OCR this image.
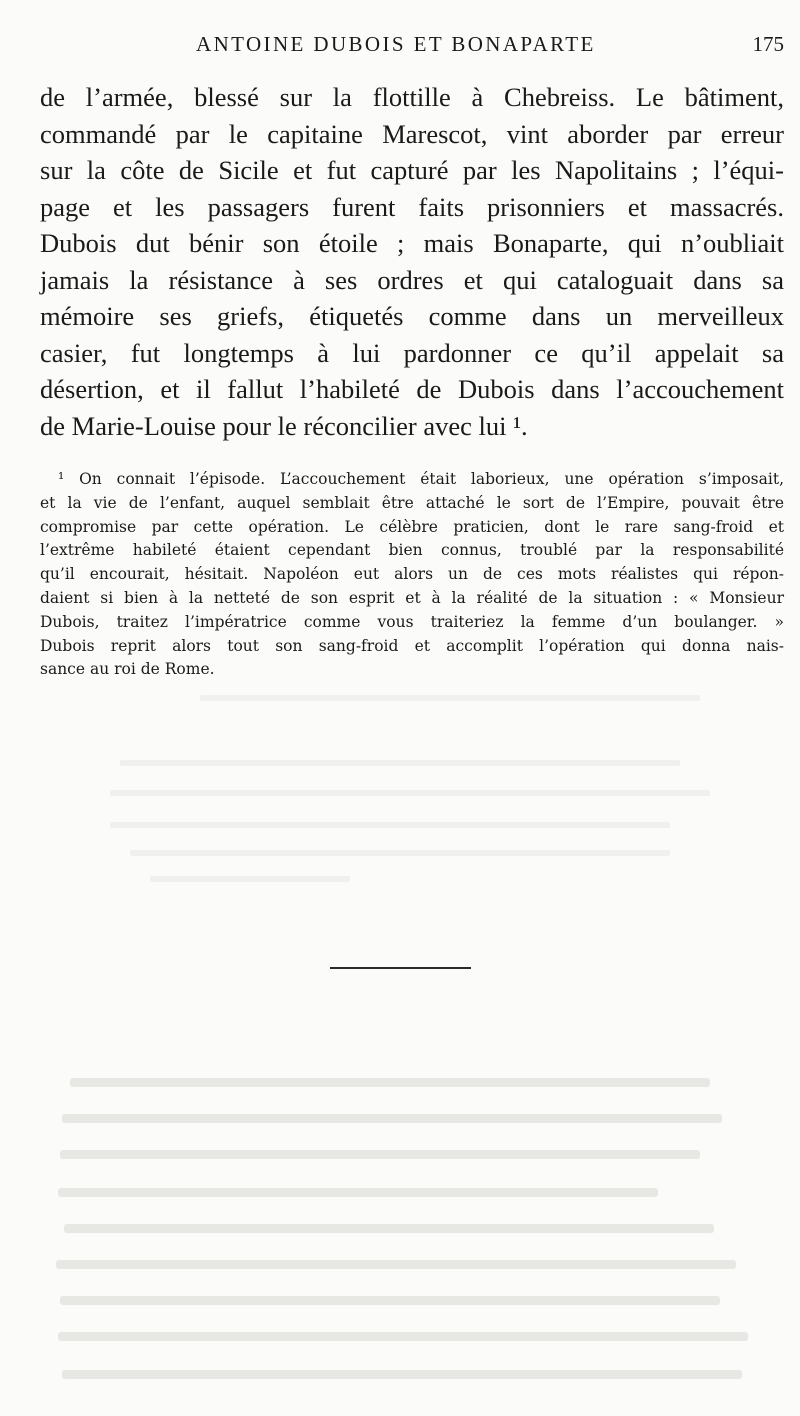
ANTOINE DUBOIS ET BONAPARTE	175
de l’armée, blessé sur la flottille à Chebreiss. Le bâtiment,
commandé par le capitaine Marescot, vint aborder par erreur
sur la côte de Sicile et fut capturé par les Napolitains ; l’équi-
page et les passagers furent faits prisonniers et massacrés.
Dubois dut bénir son étoile ; mais Bonaparte, qui n’oubliait
jamais la résistance à ses ordres et qui cataloguait dans sa
mémoire ses griefs, étiquetés comme dans un merveilleux
casier, fut longtemps à lui pardonner ce qu’il appelait sa
désertion, et il fallut l’habileté de Dubois dans l’accouchement
de Marie-Louise pour le réconcilier avec lui ¹.
¹ On connait l’épisode. L’accouchement était laborieux, une opération s’imposait,
et la vie de l’enfant, auquel semblait être attaché le sort de l’Empire, pouvait être
compromise par cette opération. Le célèbre praticien, dont le rare sang-froid et
l’extrême habileté étaient cependant bien connus, troublé par la responsabilité
qu’il encourait, hésitait. Napoléon eut alors un de ces mots réalistes qui répon-
daient si bien à la netteté de son esprit et à la réalité de la situation : « Monsieur
Dubois, traitez l’impératrice comme vous traiteriez la femme d’un boulanger. »
Dubois reprit alors tout son sang-froid et accomplit l’opération qui donna nais-
sance au roi de Rome.
